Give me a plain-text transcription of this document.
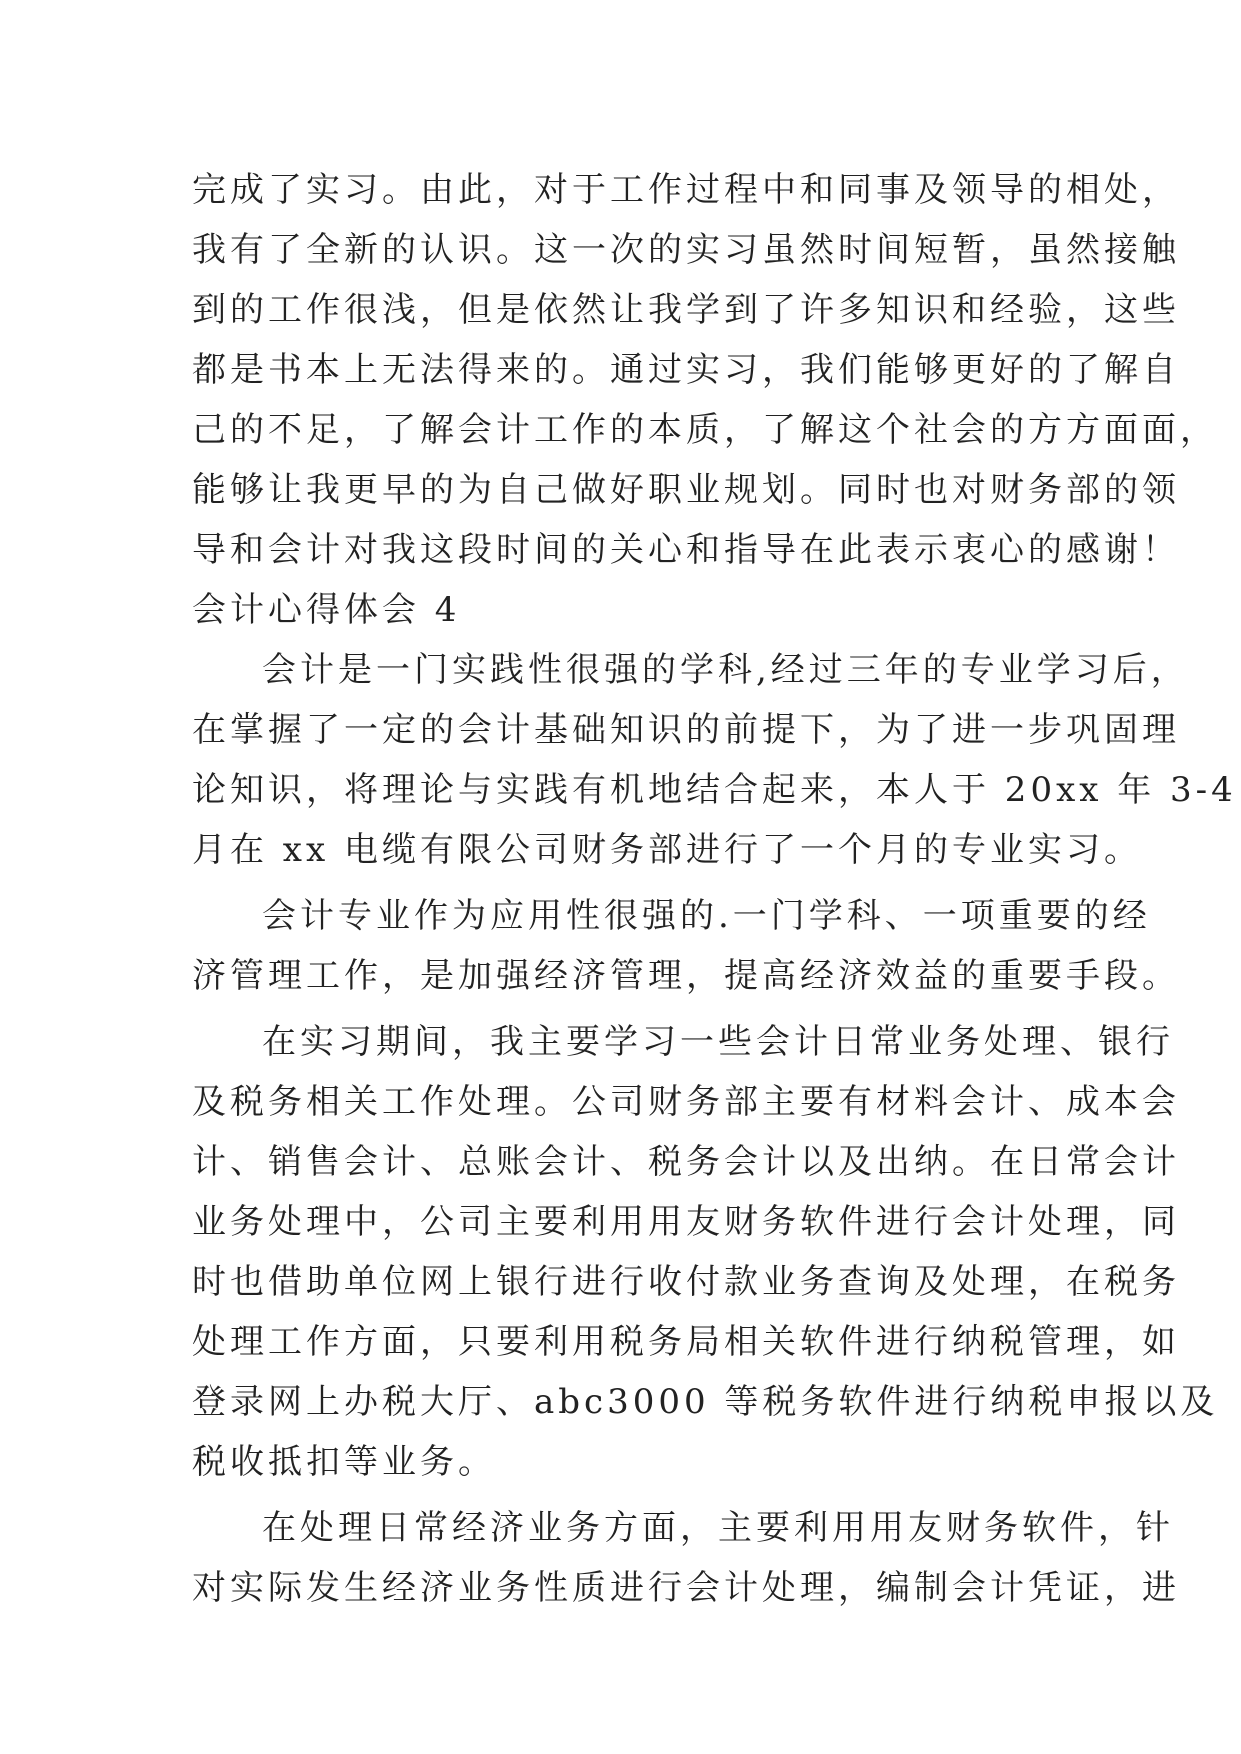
完成了实习。由此，对于工作过程中和同事及领导的相处，
我有了全新的认识。这一次的实习虽然时间短暂，虽然接触
到的工作很浅，但是依然让我学到了许多知识和经验，这些
都是书本上无法得来的。通过实习，我们能够更好的了解自
己的不足，了解会计工作的本质，了解这个社会的方方面面，
能够让我更早的为自己做好职业规划。同时也对财务部的领
导和会计对我这段时间的关心和指导在此表示衷心的感谢！
会计心得体会 4
会计是一门实践性很强的学科,经过三年的专业学习后，
在掌握了一定的会计基础知识的前提下，为了进一步巩固理
论知识，将理论与实践有机地结合起来，本人于 20xx 年 3-4
月在 xx 电缆有限公司财务部进行了一个月的专业实习。
会计专业作为应用性很强的.一门学科、一项重要的经
济管理工作，是加强经济管理，提高经济效益的重要手段。
在实习期间，我主要学习一些会计日常业务处理、银行
及税务相关工作处理。公司财务部主要有材料会计、成本会
计、销售会计、总账会计、税务会计以及出纳。在日常会计
业务处理中，公司主要利用用友财务软件进行会计处理，同
时也借助单位网上银行进行收付款业务查询及处理，在税务
处理工作方面，只要利用税务局相关软件进行纳税管理，如
登录网上办税大厅、abc3000 等税务软件进行纳税申报以及
税收抵扣等业务。
在处理日常经济业务方面，主要利用用友财务软件，针
对实际发生经济业务性质进行会计处理，编制会计凭证，进
